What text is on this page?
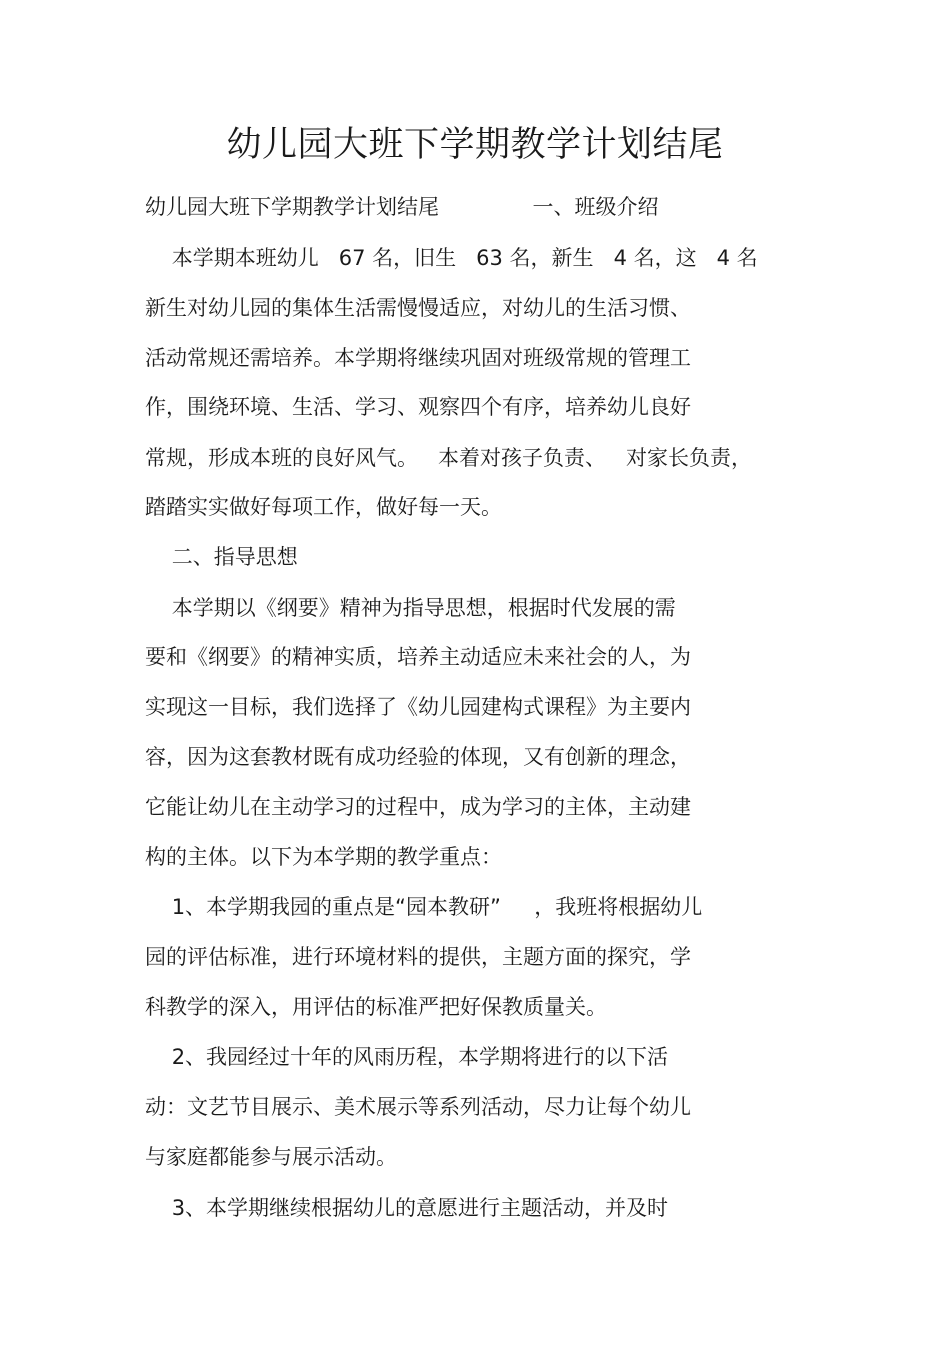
幼儿园大班下学期教学计划结尾
幼儿园大班下学期教学计划结尾              一、班级介绍
本学期本班幼儿   67 名，旧生   63 名，新生   4 名，这   4 名
新生对幼儿园的集体生活需慢慢适应，对幼儿的生活习惯、
活动常规还需培养。本学期将继续巩固对班级常规的管理工
作，围绕环境、生活、学习、观察四个有序，培养幼儿良好
常规，形成本班的良好风气。   本着对孩子负责、   对家长负责，
踏踏实实做好每项工作，做好每一天。
二、指导思想
本学期以《纲要》精神为指导思想，根据时代发展的需
要和《纲要》的精神实质，培养主动适应未来社会的人，为
实现这一目标，我们选择了《幼儿园建构式课程》为主要内
容，因为这套教材既有成功经验的体现，又有创新的理念，
它能让幼儿在主动学习的过程中，成为学习的主体，主动建
构的主体。以下为本学期的教学重点：
1、本学期我园的重点是“园本教研”     ，我班将根据幼儿
园的评估标准，进行环境材料的提供，主题方面的探究，学
科教学的深入，用评估的标准严把好保教质量关。
2、我园经过十年的风雨历程，本学期将进行的以下活
动：文艺节目展示、美术展示等系列活动，尽力让每个幼儿
与家庭都能参与展示活动。
3、本学期继续根据幼儿的意愿进行主题活动，并及时
